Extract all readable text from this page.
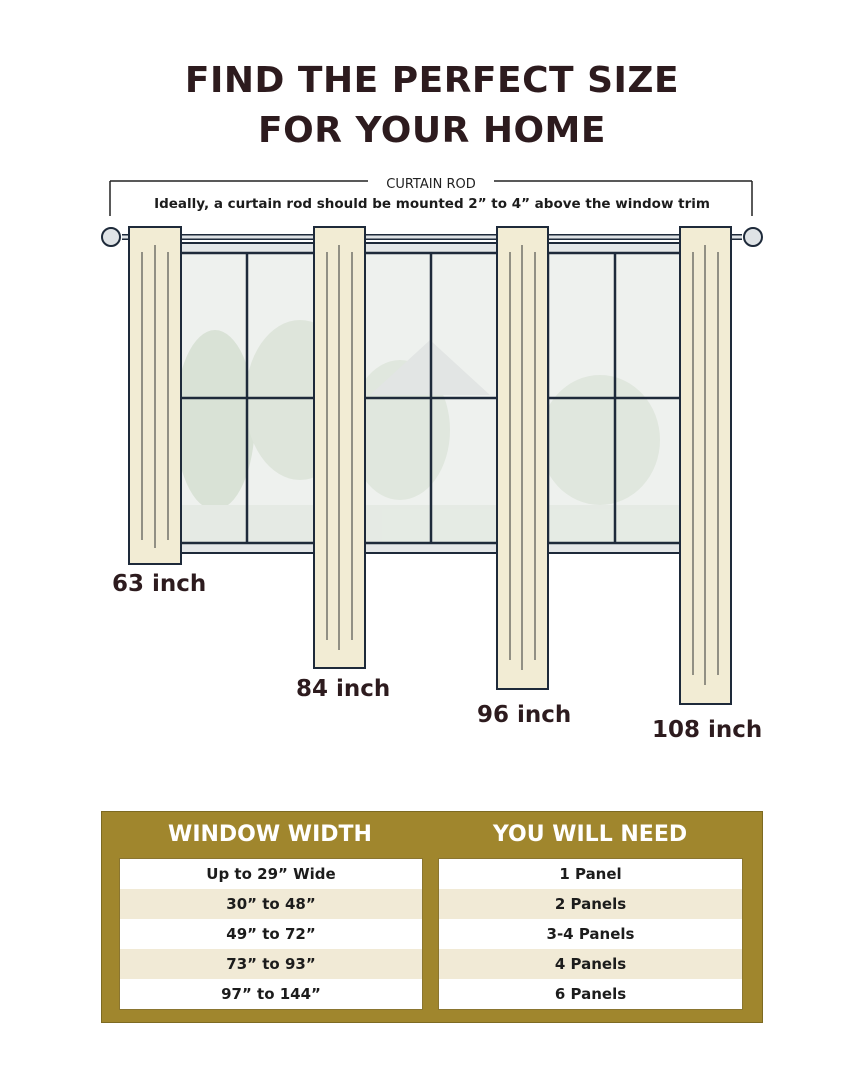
FIND THE PERFECT SIZE
FOR YOUR HOME
CURTAIN ROD
Ideally, a curtain rod should be mounted 2” to 4” above the window trim
63 inch
84 inch
96 inch
108 inch
WINDOW WIDTH	YOU WILL NEED
Up to 29” Wide
30” to 48”
49” to 72”
73” to 93”
97” to 144”
1 Panel
2 Panels
3-4 Panels
4 Panels
6 Panels
